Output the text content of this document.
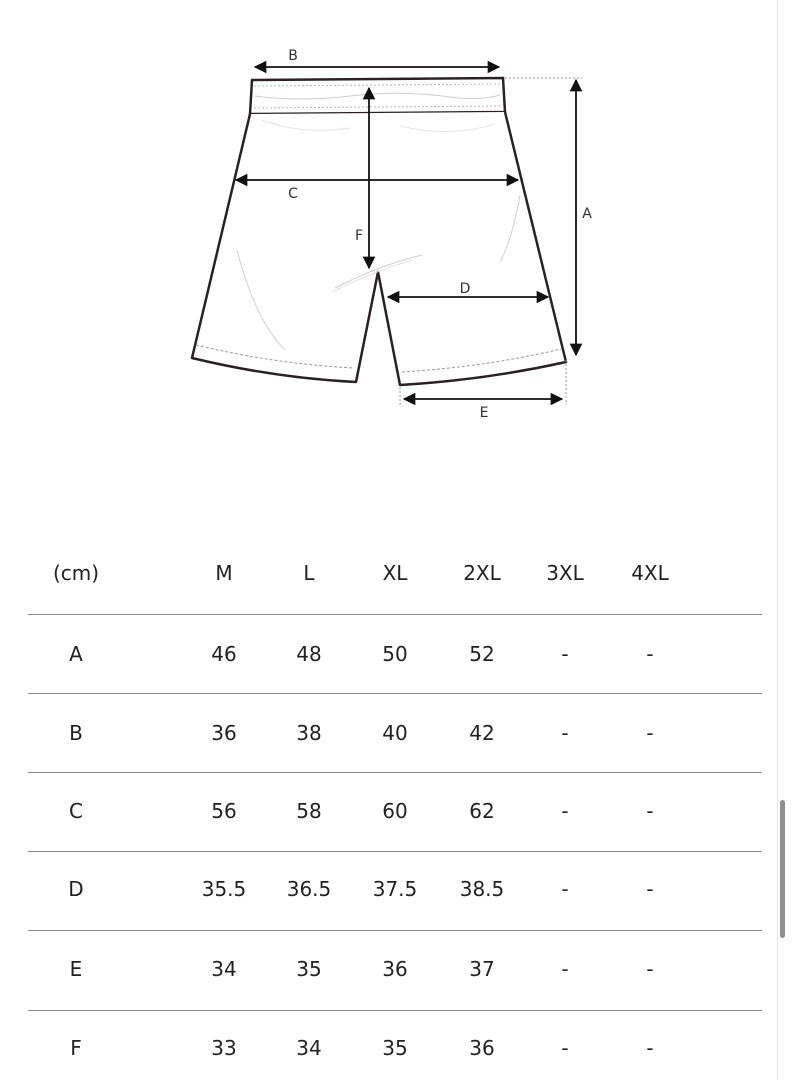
B
C
F
D
A
E
(cm)	M	L	XL	2XL 3XL 4XL
A	46	48	50	52	-	-
B	36	38	40	42	-	-
C	56	58	60	62	-	-
D	35.5 36.5 37.5 38.5	-	-
E	34	35	36	37	-	-
F	33	34	35	36	-	-
